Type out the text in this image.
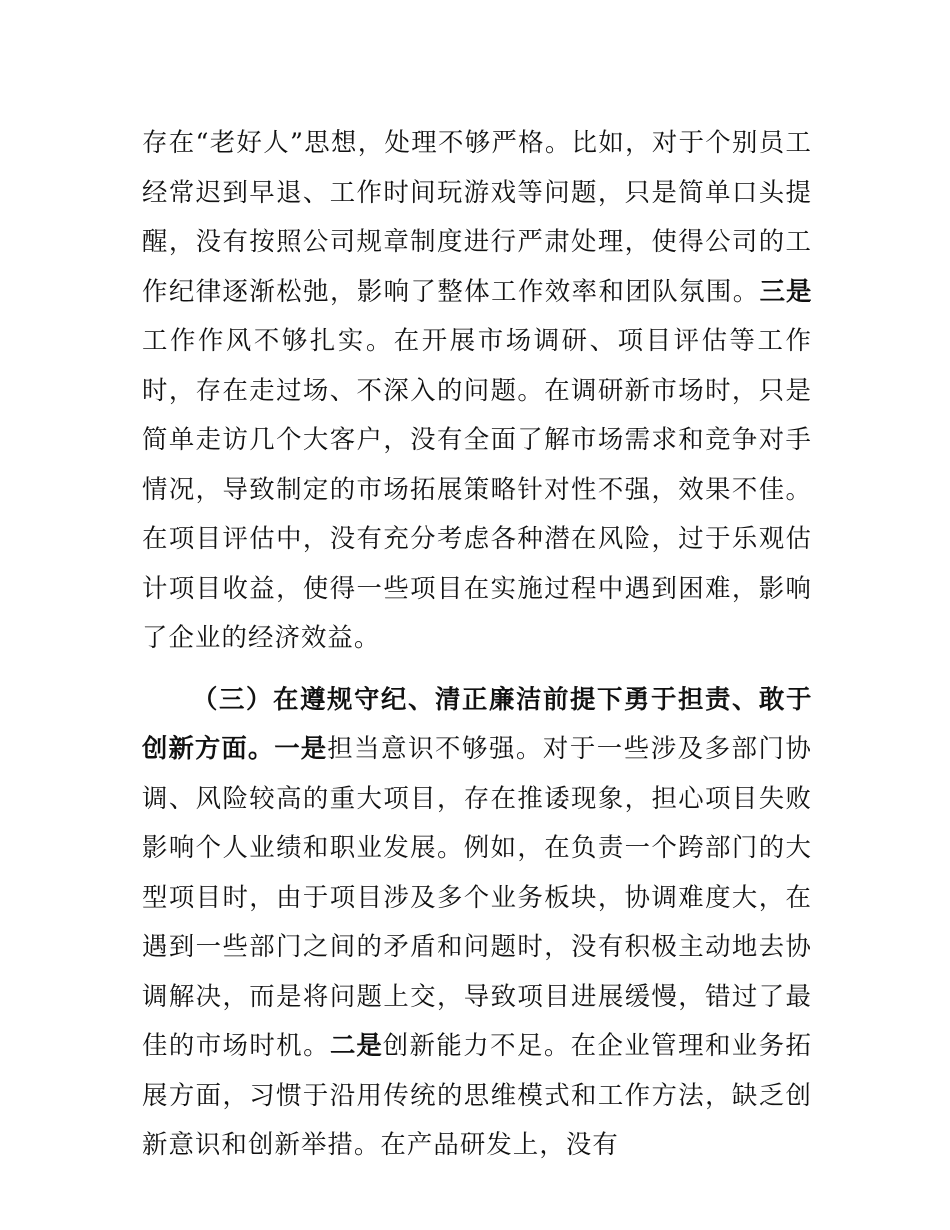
存在“老好人”思想，处理不够严格。比如，对于个别员工经常迟到早退、工作时间玩游戏等问题，只是简单口头提醒，没有按照公司规章制度进行严肃处理，使得公司的工作纪律逐渐松弛，影响了整体工作效率和团队氛围。三是工作作风不够扎实。在开展市场调研、项目评估等工作时，存在走过场、不深入的问题。在调研新市场时，只是简单走访几个大客户，没有全面了解市场需求和竞争对手情况，导致制定的市场拓展策略针对性不强，效果不佳。在项目评估中，没有充分考虑各种潜在风险，过于乐观估计项目收益，使得一些项目在实施过程中遇到困难，影响了企业的经济效益。

（三）在遵规守纪、清正廉洁前提下勇于担责、敢于创新方面。一是担当意识不够强。对于一些涉及多部门协调、风险较高的重大项目，存在推诿现象，担心项目失败影响个人业绩和职业发展。例如，在负责一个跨部门的大型项目时，由于项目涉及多个业务板块，协调难度大，在遇到一些部门之间的矛盾和问题时，没有积极主动地去协调解决，而是将问题上交，导致项目进展缓慢，错过了最佳的市场时机。二是创新能力不足。在企业管理和业务拓展方面，习惯于沿用传统的思维模式和工作方法，缺乏创新意识和创新举措。在产品研发上，没有
